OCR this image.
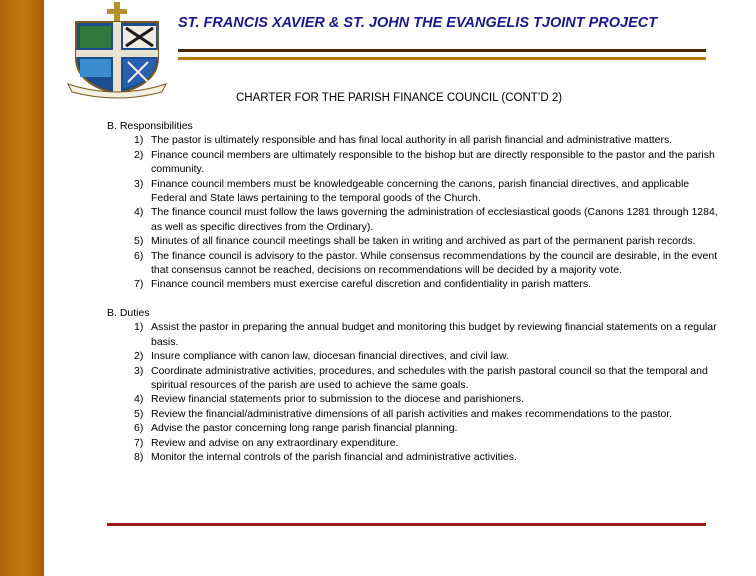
ST. FRANCIS XAVIER & ST. JOHN THE EVANGELIS TJOINT PROJECT
CHARTER FOR THE PARISH FINANCE COUNCIL (CONT’D 2)

B. Responsibilities

1) The pastor is ultimately responsible and has final local authority in all parish financial and administrative matters.
2) Finance council members are ultimately responsible to the bishop but are directly responsible to the pastor and the parish community.
3) Finance council members must be knowledgeable concerning the canons, parish financial directives, and applicable Federal and State laws pertaining to the temporal goods of the Church.
4) The finance council must follow the laws governing the administration of ecclesiastical goods (Canons 1281 through 1284, as well as specific directives from the Ordinary).
5) Minutes of all finance council meetings shall be taken in writing and archived as part of the permanent parish records.
6) The finance council is advisory to the pastor. While consensus recommendations by the council are desirable, in the event that consensus cannot be reached, decisions on recommendations will be decided by a majority vote.
7) Finance council members must exercise careful discretion and confidentiality in parish matters.

B. Duties

1) Assist the pastor in preparing the annual budget and monitoring this budget by reviewing financial statements on a regular basis.
2) Insure compliance with canon law, diocesan financial directives, and civil law.
3) Coordinate administrative activities, procedures, and schedules with the parish pastoral council so that the temporal and spiritual resources of the parish are used to achieve the same goals.
4) Review financial statements prior to submission to the diocese and parishioners.
5) Review the financial/administrative dimensions of all parish activities and makes recommendations to the pastor.
6) Advise the pastor concerning long range parish financial planning.
7) Review and advise on any extraordinary expenditure.
8) Monitor the internal controls of the parish financial and administrative activities.
